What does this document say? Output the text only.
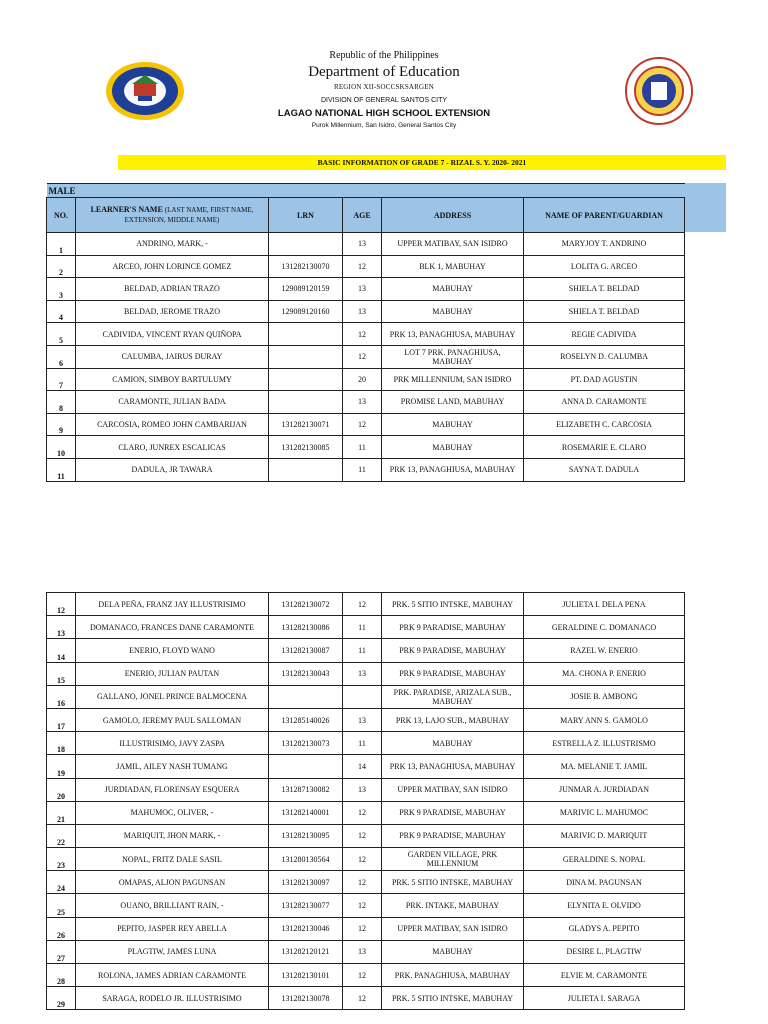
Republic of the Philippines
Department of Education
REGION XII-SOCCSKSARGEN
DIVISION OF GENERAL SANTOS CITY
LAGAO NATIONAL HIGH SCHOOL EXTENSION
Purok Millennium, San Isidro, General Santos City
BASIC INFORMATION OF GRADE 7 - RIZAL S. Y. 2020- 2021
MALE					
NO.	LEARNER'S NAME (LAST NAME, FIRST NAME, EXTENSION, MIDDLE NAME)	LRN	AGE	ADDRESS	NAME OF PARENT/GUARDIAN
1	ANDRINO, MARK, -		13	UPPER MATIBAY, SAN ISIDRO	MARYJOY T. ANDRINO
2	ARCEO, JOHN LORINCE GOMEZ	131282130070	12	BLK 1, MABUHAY	LOLITA G. ARCEO
3	BELDAD, ADRIAN TRAZO	129089120159	13	MABUHAY	SHIELA T. BELDAD
4	BELDAD, JEROME TRAZO	129089120160	13	MABUHAY	SHIELA T. BELDAD
5	CADIVIDA, VINCENT RYAN QUIÑOPA		12	PRK 13, PANAGHIUSA, MABUHAY	REGIE CADIVIDA
6	CALUMBA, JAIRUS DURAY		12	LOT 7 PRK. PANAGHIUSA, MABUHAY	ROSELYN D. CALUMBA
7	CAMION, SIMBOY BARTULUMY		20	PRK MILLENNIUM, SAN ISIDRO	PT. DAD AGUSTIN
8	CARAMONTE, JULIAN BADA		13	PROMISE LAND, MABUHAY	ANNA D. CARAMONTE
9	CARCOSIA, ROMEO JOHN CAMBARIJAN	131282130071	12	MABUHAY	ELIZABETH C. CARCOSIA
10	CLARO, JUNREX ESCALICAS	131282130085	11	MABUHAY	ROSEMARIE E. CLARO
11	DADULA, JR TAWARA		11	PRK 13, PANAGHIUSA, MABUHAY	SAYNA T. DADULA
12	DELA PEÑA, FRANZ JAY ILLUSTRISIMO	131282130072	12	PRK. 5 SITIO INTSKE, MABUHAY	JULIETA I. DELA PENA
13	DOMANACO, FRANCES DANE CARAMONTE	131282130086	11	PRK 9 PARADISE, MABUHAY	GERALDINE C. DOMANACO
14	ENERIO, FLOYD WANO	131282130087	11	PRK 9 PARADISE, MABUHAY	RAZEL W. ENERIO
15	ENERIO, JULIAN PAUTAN	131282130043	13	PRK 9 PARADISE, MABUHAY	MA. CHONA P. ENERIO
16	GALLANO, JONEL PRINCE BALMOCENA			PRK. PARADISE, ARIZALA SUB., MABUHAY	JOSIE B. AMBONG
17	GAMOLO, JEREMY PAUL SALLOMAN	131285140026	13	PRK 13, LAJO SUB., MABUHAY	MARY ANN S. GAMOLO
18	ILLUSTRISIMO, JAVY ZASPA	131282130073	11	MABUHAY	ESTRELLA Z. ILLUSTRISMO
19	JAMIL, AILEY NASH TUMANG		14	PRK 13, PANAGHIUSA, MABUHAY	MA. MELANIE T. JAMIL
20	JURDIADAN, FLORENSAY ESQUERA	131287130082	13	UPPER MATIBAY, SAN ISIDRO	JUNMAR A. JURDIADAN
21	MAHUMOC, OLIVER, -	131282140001	12	PRK 9 PARADISE, MABUHAY	MARIVIC L. MAHUMOC
22	MARIQUIT, JHON MARK, -	131282130095	12	PRK 9 PARADISE, MABUHAY	MARIVIC D. MARIQUIT
23	NOPAL, FRITZ DALE SASIL	131280130564	12	GARDEN VILLAGE, PRK MILLENNIUM	GERALDINE S. NOPAL
24	OMAPAS, ALJON PAGUNSAN	131282130097	12	PRK. 5 SITIO INTSKE, MABUHAY	DINA M. PAGUNSAN
25	OUANO, BRILLIANT RAIN, -	131282130077	12	PRK. INTAKE, MABUHAY	ELYNITA E. OLVIDO
26	PEPITO, JASPER REY ABELLA	131282130046	12	UPPER MATIBAY, SAN ISIDRO	GLADYS A. PEPITO
27	PLAGTIW, JAMES LUNA	131282120121	13	MABUHAY	DESIRE L. PLAGTIW
28	ROLONA, JAMES ADRIAN CARAMONTE	131282130101	12	PRK. PANAGHIUSA, MABUHAY	ELVIE M. CARAMONTE
29	SARAGA, RODELO JR. ILLUSTRISIMO	131282130078	12	PRK. 5 SITIO INTSKE, MABUHAY	JULIETA I. SARAGA
